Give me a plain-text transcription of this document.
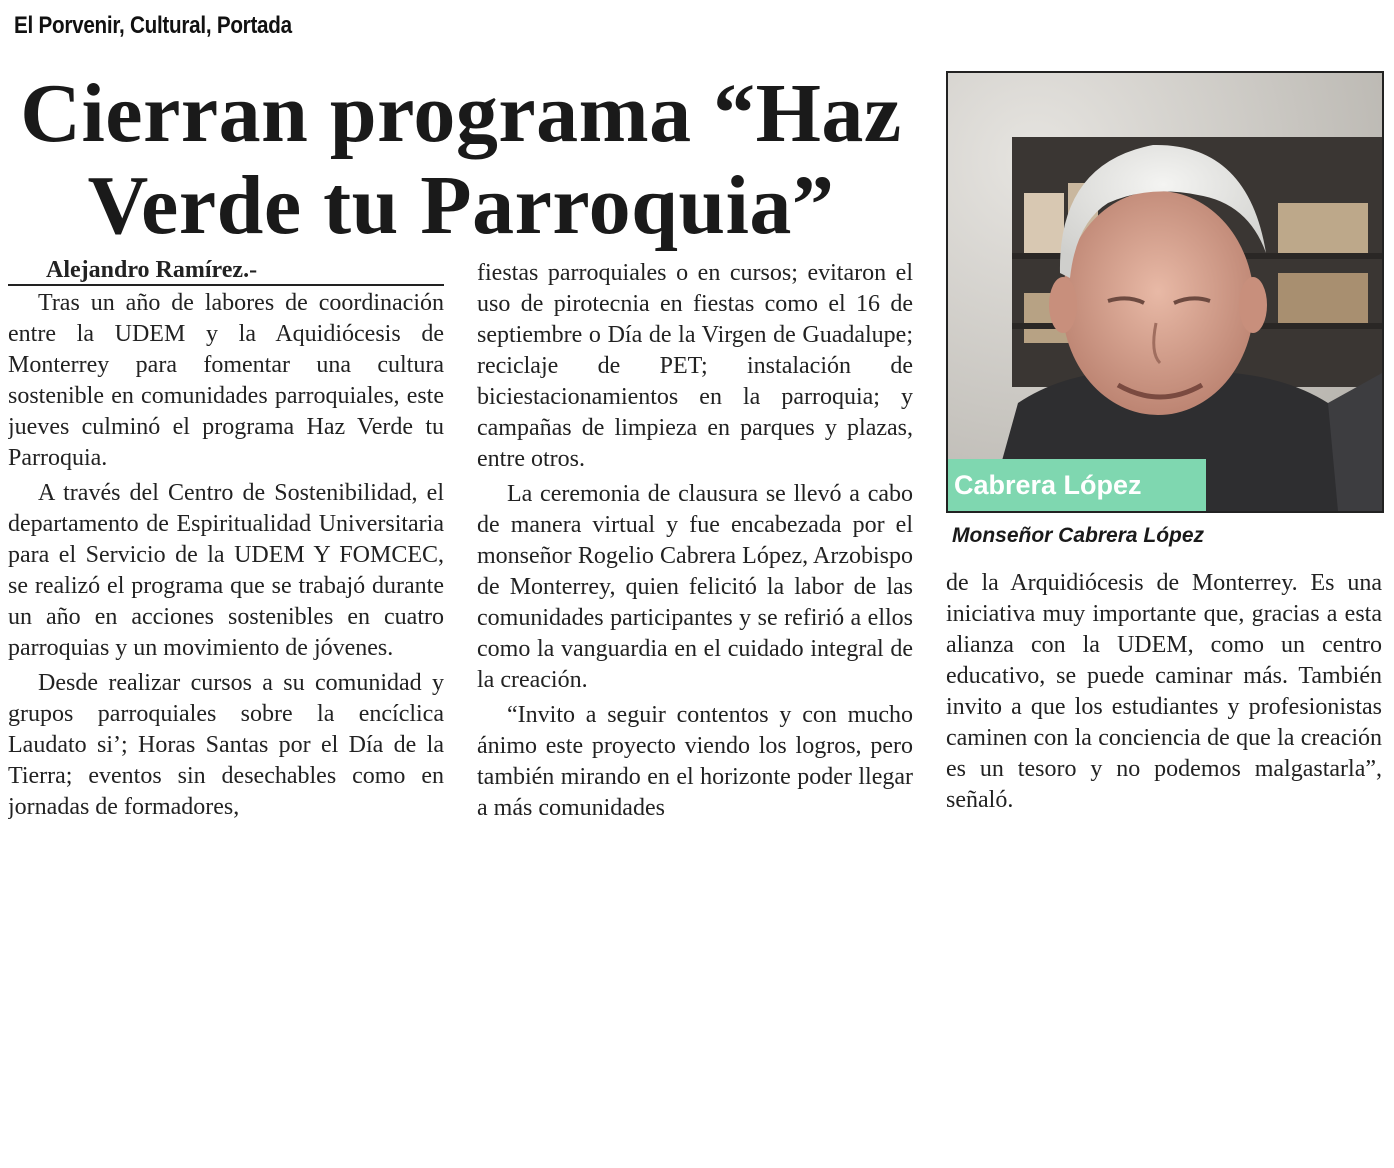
El Porvenir, Cultural, Portada
Cierran programa “Haz Verde tu Parroquia”
Alejandro Ramírez.-

Tras un año de labores de coordinación entre la UDEM y la Aquidiócesis de Monterrey para fomentar una cultura sostenible en comunidades parroquiales, este jueves culminó el programa Haz Verde tu Parroquia.

A través del Centro de Sostenibilidad, el departamento de Espiritualidad Universitaria para el Servicio de la UDEM Y FOMCEC, se realizó el programa que se trabajó durante un año en acciones sostenibles en cuatro parroquias y un movimiento de jóvenes.

Desde realizar cursos a su comunidad y grupos parroquiales sobre la encíclica Laudato si’; Horas Santas por el Día de la Tierra; eventos sin desechables como en jornadas de formadores,

fiestas parroquiales o en cursos; evitaron el uso de pirotecnia en fiestas como el 16 de septiembre o Día de la Virgen de Guadalupe; reciclaje de PET; instalación de biciestacionamientos en la parroquia; y campañas de limpieza en parques y plazas, entre otros.

La ceremonia de clausura se llevó a cabo de manera virtual y fue encabezada por el monseñor Rogelio Cabrera López, Arzobispo de Monterrey, quien felicitó la labor de las comunidades participantes y se refirió a ellos como la vanguardia en el cuidado integral de la creación.

“Invito a seguir contentos y con mucho ánimo este proyecto viendo los logros, pero también mirando en el horizonte poder llegar a más comunidades

Cabrera López
Monseñor Cabrera López

de la Arquidiócesis de Monterrey. Es una iniciativa muy importante que, gracias a esta alianza con la UDEM, como un centro educativo, se puede caminar más. También invito a que los estudiantes y profesionistas caminen con la conciencia de que la creación es un tesoro y no podemos malgastarla”, señaló.
